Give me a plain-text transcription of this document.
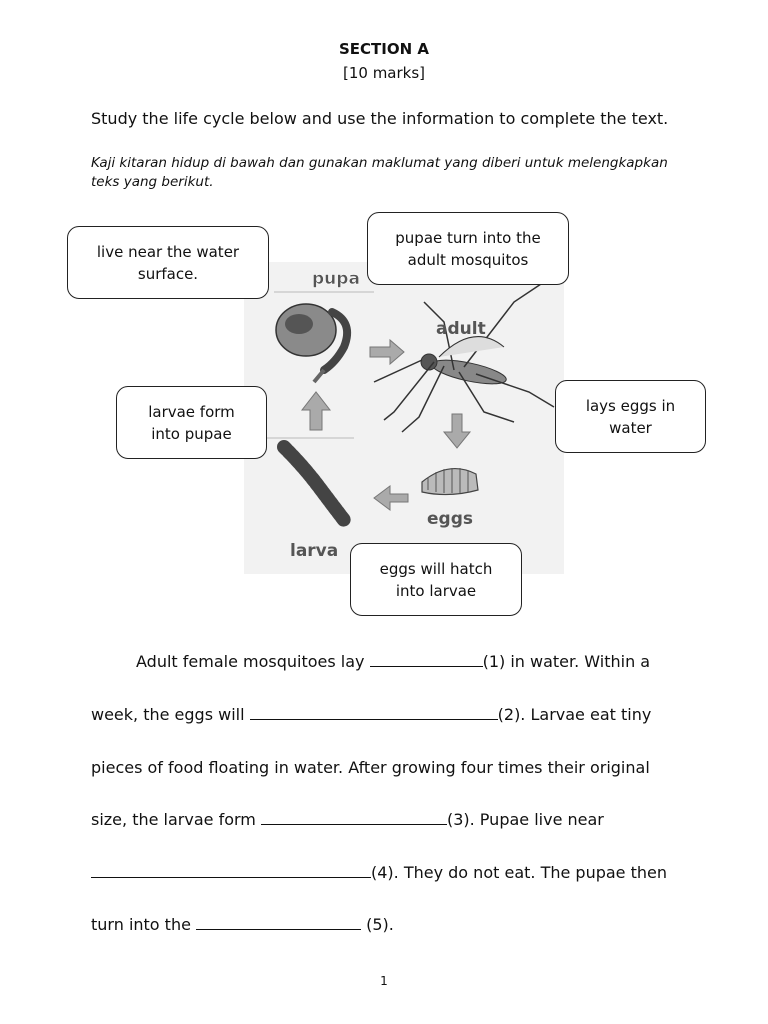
SECTION A
[10 marks]
Study the life cycle below and use the information to complete the text.
Kaji kitaran hidup di bawah dan gunakan maklumat yang diberi untuk melengkapkan teks yang berikut.
pupa
adult
eggs
larva
live near the water
surface.
pupae turn into the
adult mosquitos
larvae form
into pupae
lays eggs in
water
eggs will hatch
into larvae
Adult female mosquitoes lay	(1) in water. Within a
week, the eggs will	(2). Larvae eat tiny
pieces of food floating in water. After growing four times their original
size, the larvae form	(3). Pupae live near
(4). They do not eat. The pupae then
turn into the	(5).
1
